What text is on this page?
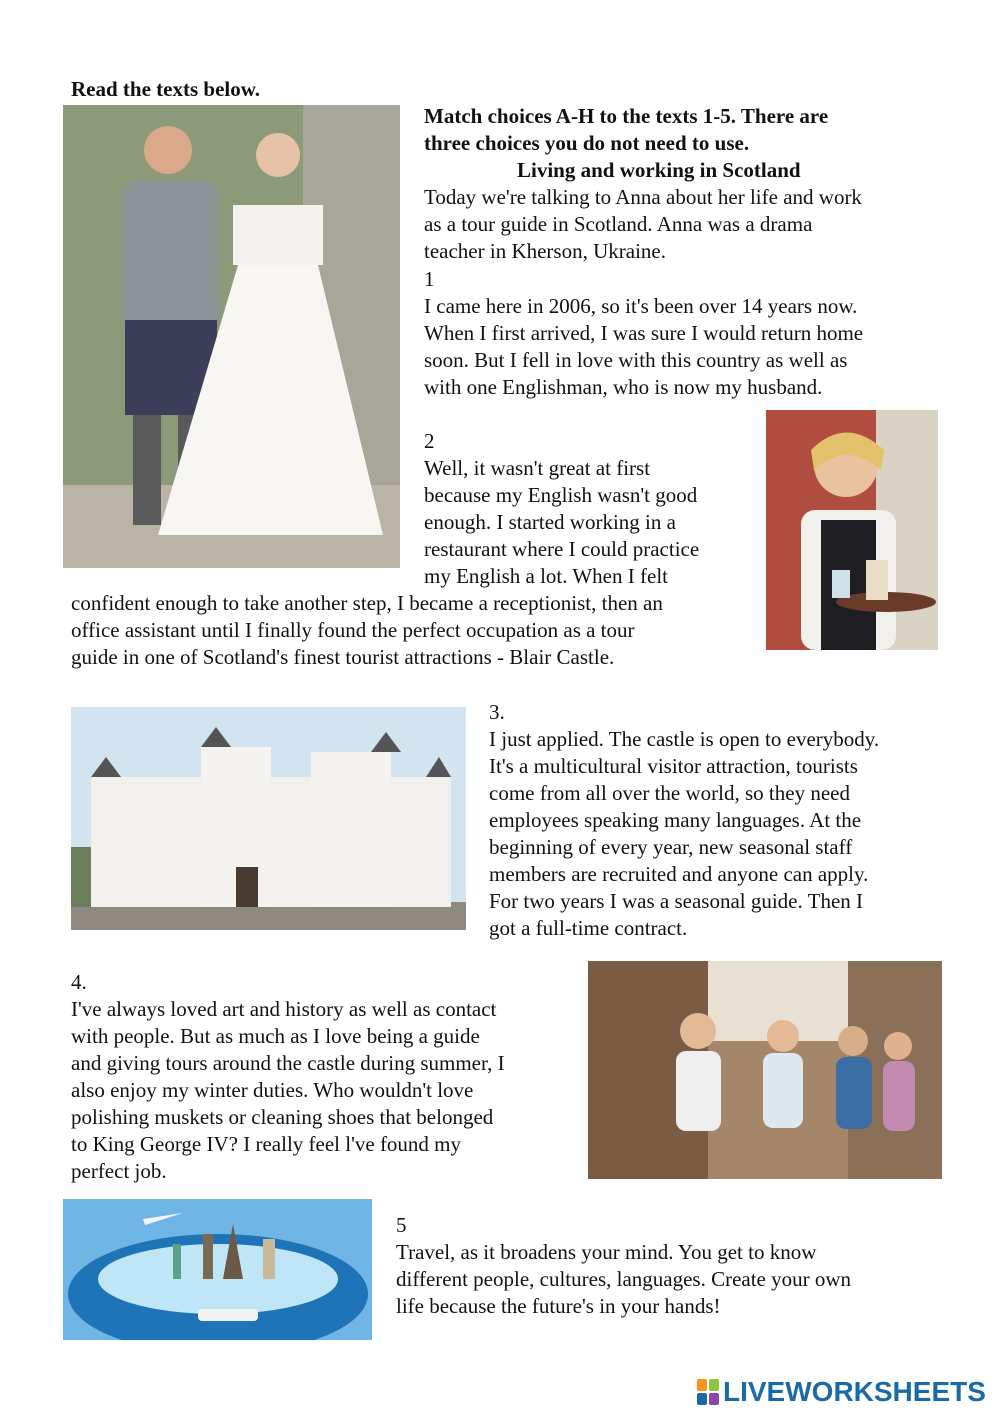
Read the texts below.
Match choices A-H to the texts 1-5. There are
three choices you do not need to use.
Living and working in Scotland
Today we're talking to Anna about her life and work
as a tour guide in Scotland. Anna was a drama
teacher in Kherson, Ukraine.
1
I came here in 2006, so it's been over 14 years now.
When I first arrived, I was sure I would return home
soon. But I fell in love with this country as well as
with one Englishman, who is now my husband.
2
Well, it wasn't great at first
because my English wasn't good
enough. I started working in a
restaurant where I could practice
my English a lot. When I felt
confident enough to take another step, I became a receptionist, then an
office assistant until I finally found the perfect occupation as a tour
guide in one of Scotland's finest tourist attractions - Blair Castle.
3.
I just applied. The castle is open to everybody.
It's a multicultural visitor attraction, tourists
come from all over the world, so they need
employees speaking many languages. At the
beginning of every year, new seasonal staff
members are recruited and anyone can apply.
For two years I was a seasonal guide. Then I
got a full-time contract.
4.
I've always loved art and history as well as contact
with people. But as much as I love being a guide
and giving tours around the castle during summer, I
also enjoy my winter duties. Who wouldn't love
polishing muskets or cleaning shoes that belonged
to King George IV? I really feel l've found my
perfect job.
5
Travel, as it broadens your mind. You get to know
different people, cultures, languages. Create your own
life because the future's in your hands!
LIVEWORKSHEETS
